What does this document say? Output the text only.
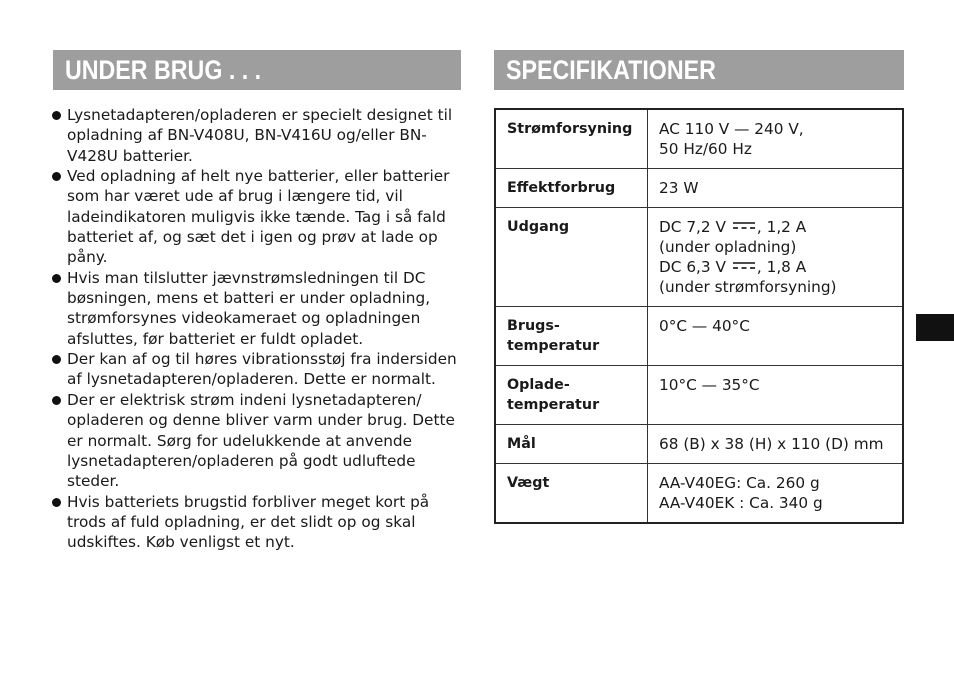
UNDER BRUG . . .
Lysnetadapteren/opladeren er specielt designet til opladning af BN-V408U, BN-V416U og/eller BN-V428U batterier.
Ved opladning af helt nye batterier, eller batterier som har været ude af brug i længere tid, vil ladeindikatoren muligvis ikke tænde. Tag i så fald batteriet af, og sæt det i igen og prøv at lade op påny.
Hvis man tilslutter jævnstrømsledningen til DC bøsningen, mens et batteri er under opladning, strømforsynes videokameraet og opladningen afsluttes, før batteriet er fuldt opladet.
Der kan af og til høres vibrationsstøj fra indersiden af lysnetadapteren/opladeren. Dette er normalt.
Der er elektrisk strøm indeni lysnetadapteren/ opladeren og denne bliver varm under brug. Dette er normalt. Sørg for udelukkende at anvende lysnetadapteren/opladeren på godt udluftede steder.
Hvis batteriets brugstid forbliver meget kort på trods af fuld opladning, er det slidt op og skal udskiftes. Køb venligst et nyt.
SPECIFIKATIONER
Strømforsyning	AC 110 V — 240 V,
50 Hz/60 Hz

Effektforbrug	23 W
Udgang	DC 7,2 V , 1,2 A
(under opladning)
DC 6,3 V , 1,8 A
(under strømforsyning)

Brugs-
temperatur	0°C — 40°C

Oplade-
temperatur	10°C — 35°C
Mål	68 (B) x 38 (H) x 110 (D) mm
Vægt	AA-V40EG: Ca. 260 g
AA-V40EK : Ca. 340 g
